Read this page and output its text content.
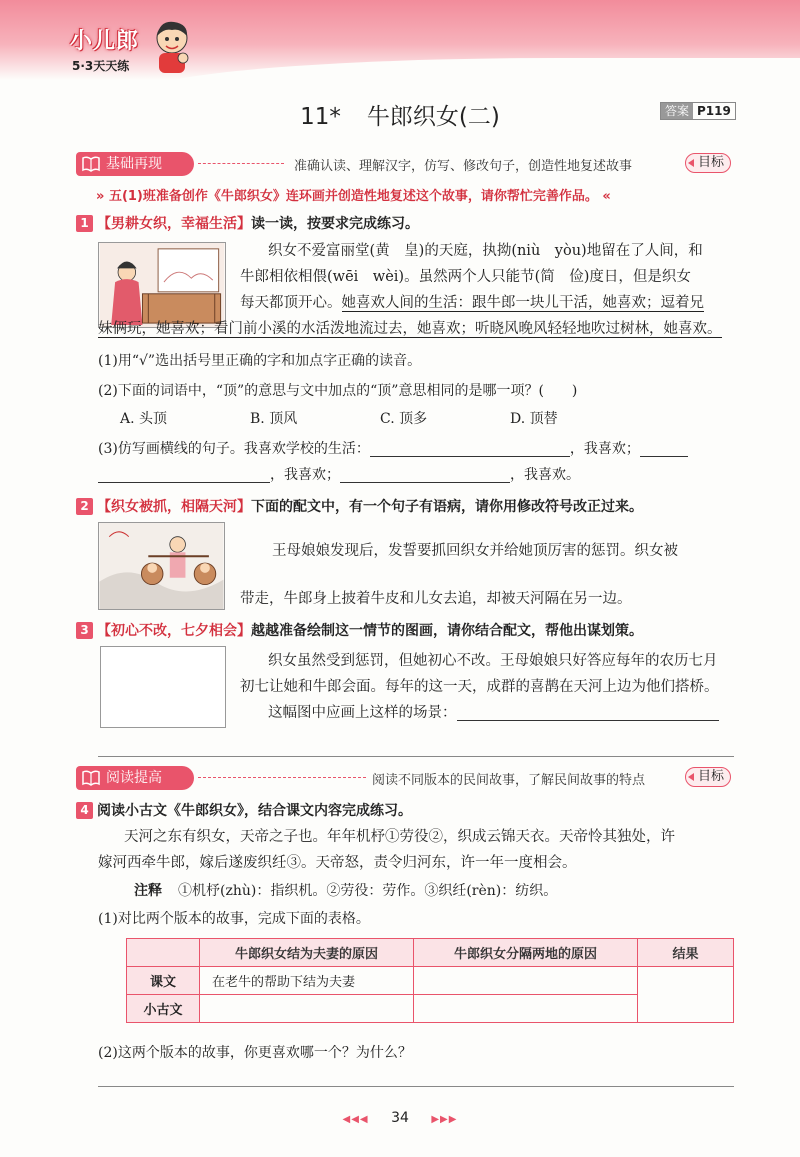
小儿郎
5·3天天练
11* 牛郎织女(二)	答案 P119
基础再现	准确认读、理解汉字，仿写、修改句子，创造性地复述故事	目标
» 五(1)班准备创作《牛郎织女》连环画并创造性地复述这个故事，请你帮忙完善作品。 «
1 【男耕女织，幸福生活】读一读，按要求完成练习。
织女不爱富丽堂(黄　皇)的天庭，执拗(niù　yòu)地留在了人间，和
牛郎相依相偎(wēi　wèi)。虽然两个人只能节(简　俭)度日，但是织女
每天都顶开心。她喜欢人间的生活：跟牛郎一块儿干活，她喜欢；逗着兄
妹俩玩，她喜欢；看门前小溪的水活泼地流过去，她喜欢；听晓风晚风轻轻地吹过树林，她喜欢。
(1)用“√”选出括号里正确的字和加点字正确的读音。
(2)下面的词语中，“顶”的意思与文中加点的“顶”意思相同的是哪一项？(　　)
A. 头顶	B. 顶风	C. 顶多	D. 顶替
(3)仿写画横线的句子。我喜欢学校的生活：	，我喜欢；
，我喜欢；	，我喜欢。
2 【织女被抓，相隔天河】下面的配文中，有一个句子有语病，请你用修改符号改正过来。
王母娘娘发现后，发誓要抓回织女并给她顶厉害的惩罚。织女被
带走，牛郎身上披着牛皮和儿女去追，却被天河隔在另一边。
3 【初心不改，七夕相会】越越准备绘制这一情节的图画，请你结合配文，帮他出谋划策。
织女虽然受到惩罚，但她初心不改。王母娘娘只好答应每年的农历七月
初七让她和牛郎会面。每年的这一天，成群的喜鹊在天河上边为他们搭桥。
这幅图中应画上这样的场景：
阅读提高	阅读不同版本的民间故事，了解民间故事的特点	目标
4 阅读小古文《牛郎织女》，结合课文内容完成练习。
天河之东有织女，天帝之子也。年年机杼①劳役②，织成云锦天衣。天帝怜其独处，许
嫁河西牵牛郎，嫁后遂废织纴③。天帝怒，责令归河东，许一年一度相会。
注释 ①机杼(zhù)：指织机。②劳役：劳作。③织纴(rèn)：纺织。
(1)对比两个版本的故事，完成下面的表格。
	牛郎织女结为夫妻的原因	牛郎织女分隔两地的原因	结果
课文	在老牛的帮助下结为夫妻		
小古文			
(2)这两个版本的故事，你更喜欢哪一个？为什么？
◀◀◀ 34 ▶▶▶
